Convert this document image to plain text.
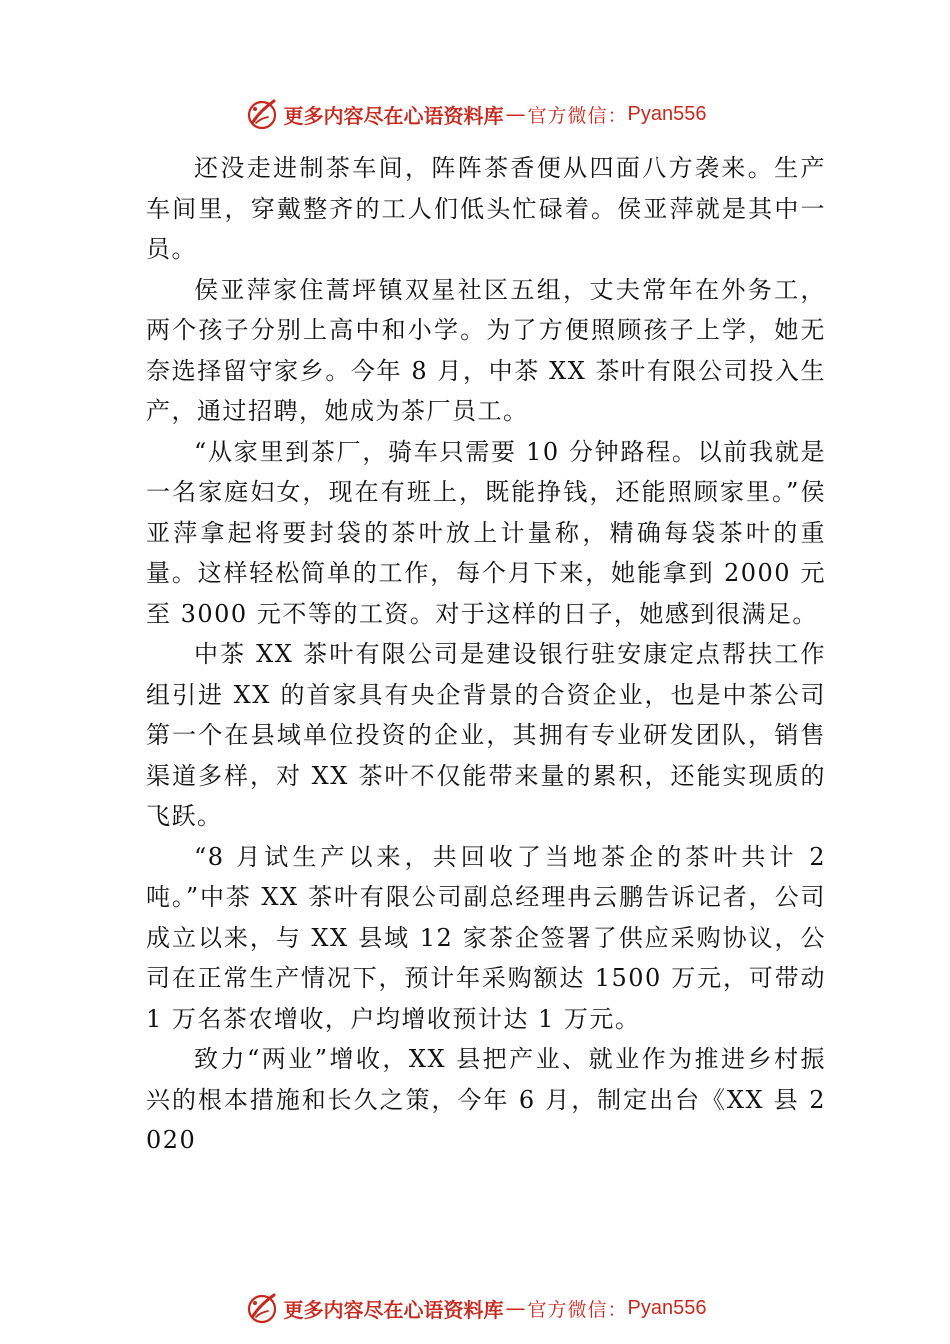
更多内容尽在心语资料库 — 官方微信： Pyan556

还没走进制茶车间，阵阵茶香便从四面八方袭来。生产车间里，穿戴整齐的工人们低头忙碌着。侯亚萍就是其中一员。

侯亚萍家住蒿坪镇双星社区五组，丈夫常年在外务工，两个孩子分别上高中和小学。为了方便照顾孩子上学，她无奈选择留守家乡。今年 8 月，中茶 XX 茶叶有限公司投入生产，通过招聘，她成为茶厂员工。

“从家里到茶厂，骑车只需要 10 分钟路程。以前我就是一名家庭妇女，现在有班上，既能挣钱，还能照顾家里。”侯亚萍拿起将要封袋的茶叶放上计量称，精确每袋茶叶的重量。这样轻松简单的工作，每个月下来，她能拿到 2000 元至 3000 元不等的工资。对于这样的日子，她感到很满足。

中茶 XX 茶叶有限公司是建设银行驻安康定点帮扶工作组引进 XX 的首家具有央企背景的合资企业，也是中茶公司第一个在县域单位投资的企业，其拥有专业研发团队，销售渠道多样，对 XX 茶叶不仅能带来量的累积，还能实现质的飞跃。

“8 月试生产以来，共回收了当地茶企的茶叶共计 2 吨。”中茶 XX 茶叶有限公司副总经理冉云鹏告诉记者，公司成立以来，与 XX 县域 12 家茶企签署了供应采购协议，公司在正常生产情况下，预计年采购额达 1500 万元，可带动 1 万名茶农增收，户均增收预计达 1 万元。

致力“两业”增收，XX 县把产业、就业作为推进乡村振兴的根本措施和长久之策，今年 6 月，制定出台《XX 县 2020

更多内容尽在心语资料库 — 官方微信： Pyan556
